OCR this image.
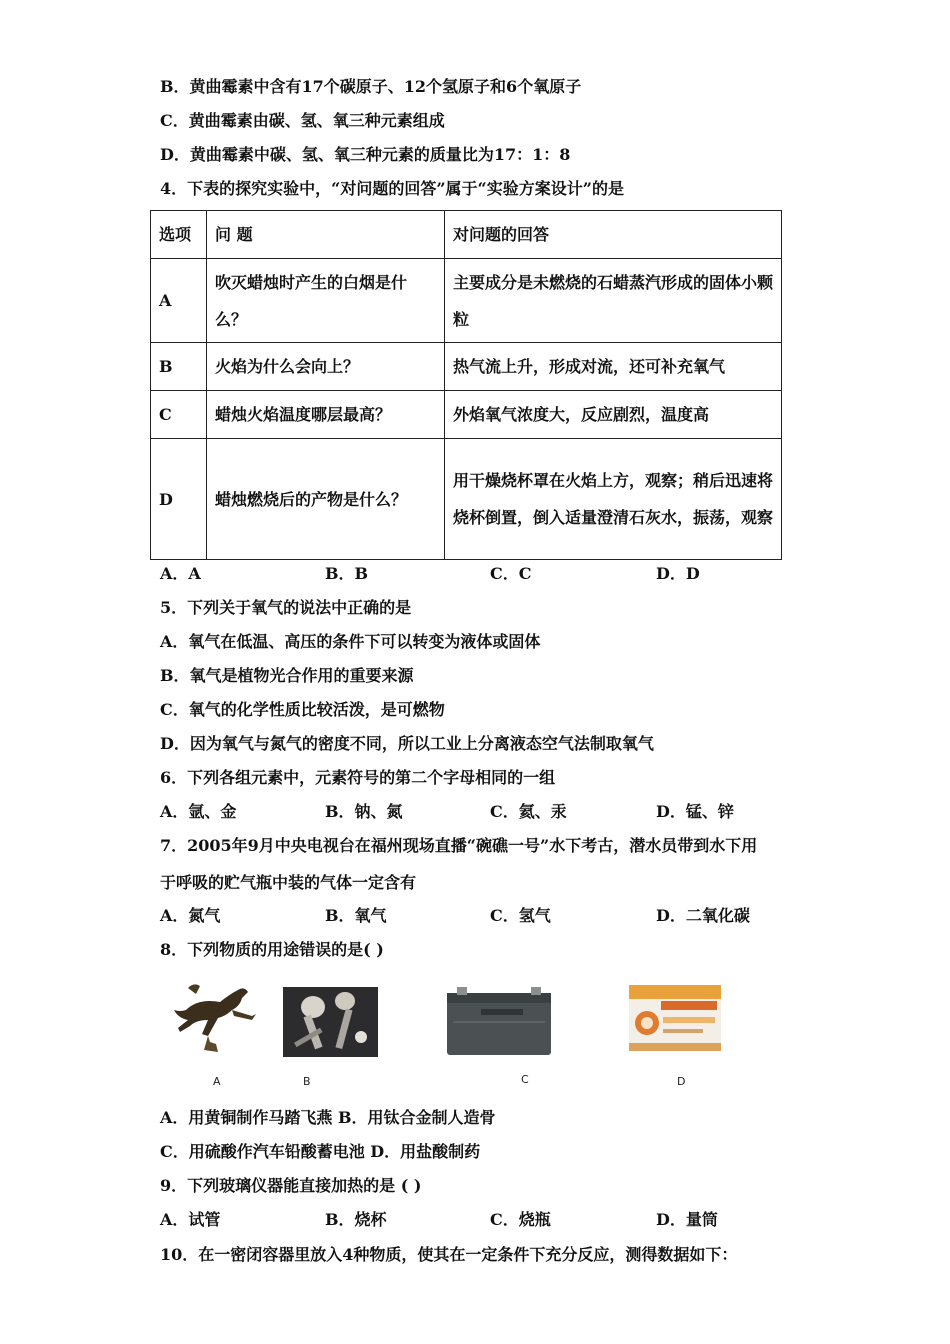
B．黄曲霉素中含有17个碳原子、12个氢原子和6个氧原子
C．黄曲霉素由碳、氢、氧三种元素组成
D．黄曲霉素中碳、氢、氧三种元素的质量比为17：1：8
4．下表的探究实验中，“对问题的回答”属于“实验方案设计”的是
选项	问 题	对问题的回答
A	吹灭蜡烛时产生的白烟是什么？	主要成分是未燃烧的石蜡蒸汽形成的固体小颗粒
B	火焰为什么会向上？	热气流上升，形成对流，还可补充氧气
C	蜡烛火焰温度哪层最高？	外焰氧气浓度大，反应剧烈，温度高
D	蜡烛燃烧后的产物是什么？	用干燥烧杯罩在火焰上方，观察；稍后迅速将烧杯倒置，倒入适量澄清石灰水，振荡，观察
A．A	B．B	C．C	D．D
5．下列关于氧气的说法中正确的是
A．氧气在低温、高压的条件下可以转变为液体或固体
B．氧气是植物光合作用的重要来源
C．氧气的化学性质比较活泼，是可燃物
D．因为氧气与氮气的密度不同，所以工业上分离液态空气法制取氧气
6．下列各组元素中，元素符号的第二个字母相同的一组
A．氩、金	B．钠、氮	C．氦、汞	D．锰、锌
7．2005年9月中央电视台在福州现场直播“碗礁一号”水下考古，潜水员带到水下用
于呼吸的贮气瓶中装的气体一定含有
A．氮气	B．氧气	C．氢气	D．二氧化碳
8．下列物质的用途错误的是( )
A	B	C	D
A．用黄铜制作马踏飞燕 B．用钛合金制人造骨
C．用硫酸作汽车铅酸蓄电池 D．用盐酸制药
9．下列玻璃仪器能直接加热的是 ( )
A．试管	B．烧杯	C．烧瓶	D．量筒
10．在一密闭容器里放入4种物质，使其在一定条件下充分反应，测得数据如下：
